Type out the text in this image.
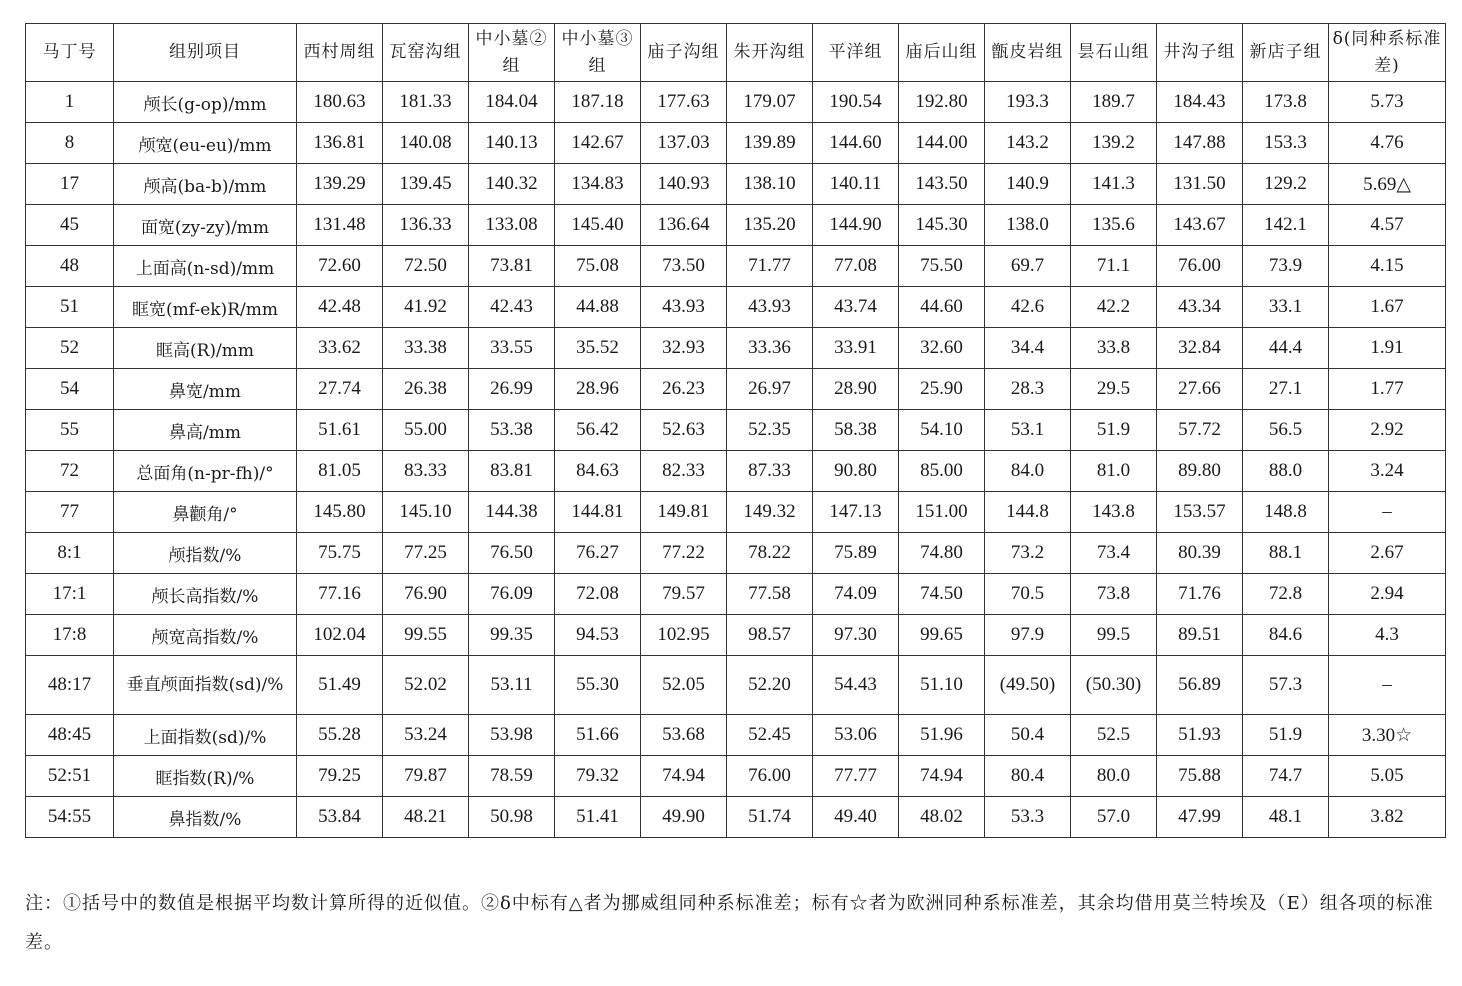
马丁号	组别项目	西村周组	瓦窑沟组	中小墓②组	中小墓③组	庙子沟组	朱开沟组	平洋组	庙后山组	甑皮岩组	昙石山组	井沟子组	新店子组	δ(同种系标准差)
1	颅长(g-op)/mm	180.63	181.33	184.04	187.18	177.63	179.07	190.54	192.80	193.3	189.7	184.43	173.8	5.73
8	颅宽(eu-eu)/mm	136.81	140.08	140.13	142.67	137.03	139.89	144.60	144.00	143.2	139.2	147.88	153.3	4.76
17	颅高(ba-b)/mm	139.29	139.45	140.32	134.83	140.93	138.10	140.11	143.50	140.9	141.3	131.50	129.2	5.69△
45	面宽(zy-zy)/mm	131.48	136.33	133.08	145.40	136.64	135.20	144.90	145.30	138.0	135.6	143.67	142.1	4.57
48	上面高(n-sd)/mm	72.60	72.50	73.81	75.08	73.50	71.77	77.08	75.50	69.7	71.1	76.00	73.9	4.15
51	眶宽(mf-ek)R/mm	42.48	41.92	42.43	44.88	43.93	43.93	43.74	44.60	42.6	42.2	43.34	33.1	1.67
52	眶高(R)/mm	33.62	33.38	33.55	35.52	32.93	33.36	33.91	32.60	34.4	33.8	32.84	44.4	1.91
54	鼻宽/mm	27.74	26.38	26.99	28.96	26.23	26.97	28.90	25.90	28.3	29.5	27.66	27.1	1.77
55	鼻高/mm	51.61	55.00	53.38	56.42	52.63	52.35	58.38	54.10	53.1	51.9	57.72	56.5	2.92
72	总面角(n-pr-fh)/°	81.05	83.33	83.81	84.63	82.33	87.33	90.80	85.00	84.0	81.0	89.80	88.0	3.24
77	鼻颧角/°	145.80	145.10	144.38	144.81	149.81	149.32	147.13	151.00	144.8	143.8	153.57	148.8	–
8:1	颅指数/%	75.75	77.25	76.50	76.27	77.22	78.22	75.89	74.80	73.2	73.4	80.39	88.1	2.67
17:1	颅长高指数/%	77.16	76.90	76.09	72.08	79.57	77.58	74.09	74.50	70.5	73.8	71.76	72.8	2.94
17:8	颅宽高指数/%	102.04	99.55	99.35	94.53	102.95	98.57	97.30	99.65	97.9	99.5	89.51	84.6	4.3
48:17	垂直颅面指数(sd)/%	51.49	52.02	53.11	55.30	52.05	52.20	54.43	51.10	(49.50)	(50.30)	56.89	57.3	–
48:45	上面指数(sd)/%	55.28	53.24	53.98	51.66	53.68	52.45	53.06	51.96	50.4	52.5	51.93	51.9	3.30☆
52:51	眶指数(R)/%	79.25	79.87	78.59	79.32	74.94	76.00	77.77	74.94	80.4	80.0	75.88	74.7	5.05
54:55	鼻指数/%	53.84	48.21	50.98	51.41	49.90	51.74	49.40	48.02	53.3	57.0	47.99	48.1	3.82
注：①括号中的数值是根据平均数计算所得的近似值。②δ中标有△者为挪威组同种系标准差；标有☆者为欧洲同种系标准差，其余均借用莫兰特埃及（E）组各项的标准差。
